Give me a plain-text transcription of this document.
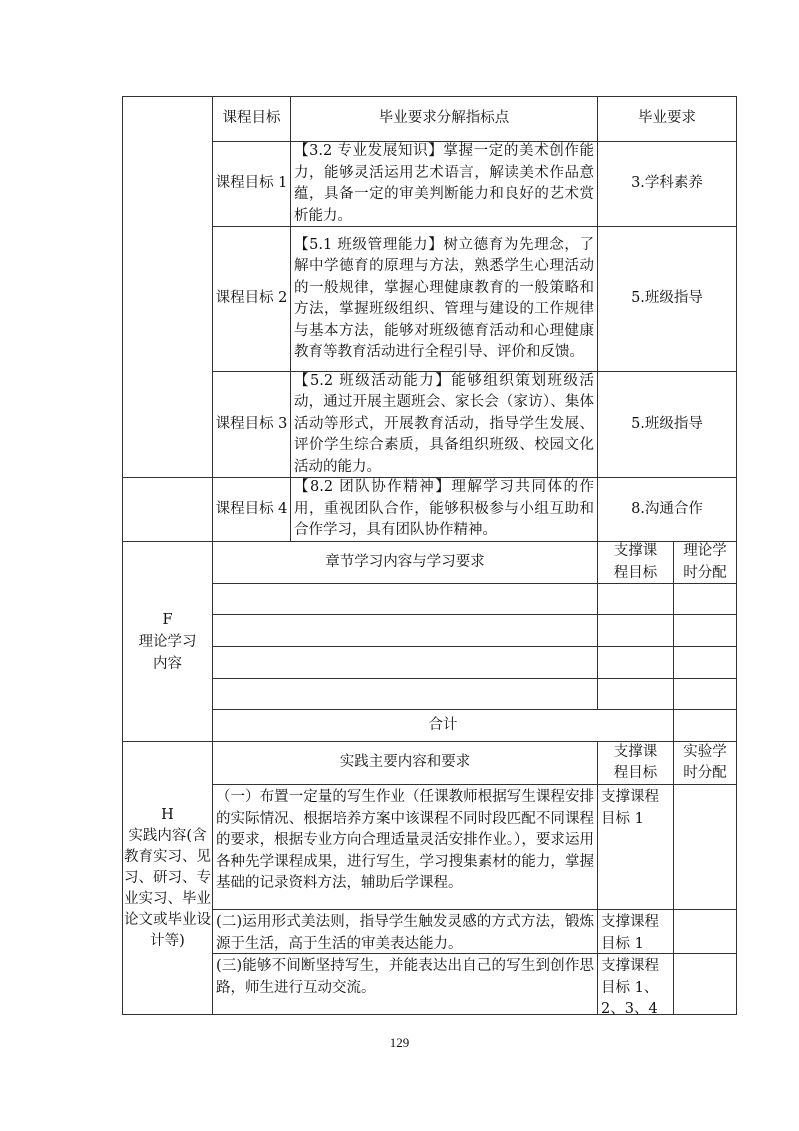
课程目标	毕业要求分解指标点	毕业要求
课程目标 1
【3.2 专业发展知识】掌握一定的美术创作能力，能够灵活运用艺术语言，解读美术作品意蕴，具备一定的审美判断能力和良好的艺术赏析能力。
3.学科素养
课程目标 2
【5.1 班级管理能力】树立德育为先理念，了解中学德育的原理与方法，熟悉学生心理活动的一般规律，掌握心理健康教育的一般策略和方法，掌握班级组织、管理与建设的工作规律与基本方法，能够对班级德育活动和心理健康教育等教育活动进行全程引导、评价和反馈。
5.班级指导
课程目标 3
【5.2 班级活动能力】能够组织策划班级活动，通过开展主题班会、家长会（家访）、集体活动等形式，开展教育活动，指导学生发展、评价学生综合素质，具备组织班级、校园文化活动的能力。
5.班级指导
课程目标 4
【8.2 团队协作精神】理解学习共同体的作用，重视团队合作，能够积极参与小组互助和合作学习，具有团队协作精神。
8.沟通合作
F
理论学习
内容
章节学习内容与学习要求
支撑课程目标
理论学时分配
合计
H
实践内容(含教育实习、见习、研习、专业实习、毕业论文或毕业设计等)
实践主要内容和要求
支撑课程目标
实验学时分配
（一）布置一定量的写生作业（任课教师根据写生课程安排的实际情况、根据培养方案中该课程不同时段匹配不同课程的要求，根据专业方向合理适量灵活安排作业。），要求运用各种先学课程成果，进行写生，学习搜集素材的能力，掌握基础的记录资料方法，辅助后学课程。
支撑课程目标 1
(二)运用形式美法则，指导学生触发灵感的方式方法，锻炼源于生活，高于生活的审美表达能力。
支撑课程目标 1
(三)能够不间断坚持写生，并能表达出自己的写生到创作思路，师生进行互动交流。
支撑课程目标 1、2、3、4
129
